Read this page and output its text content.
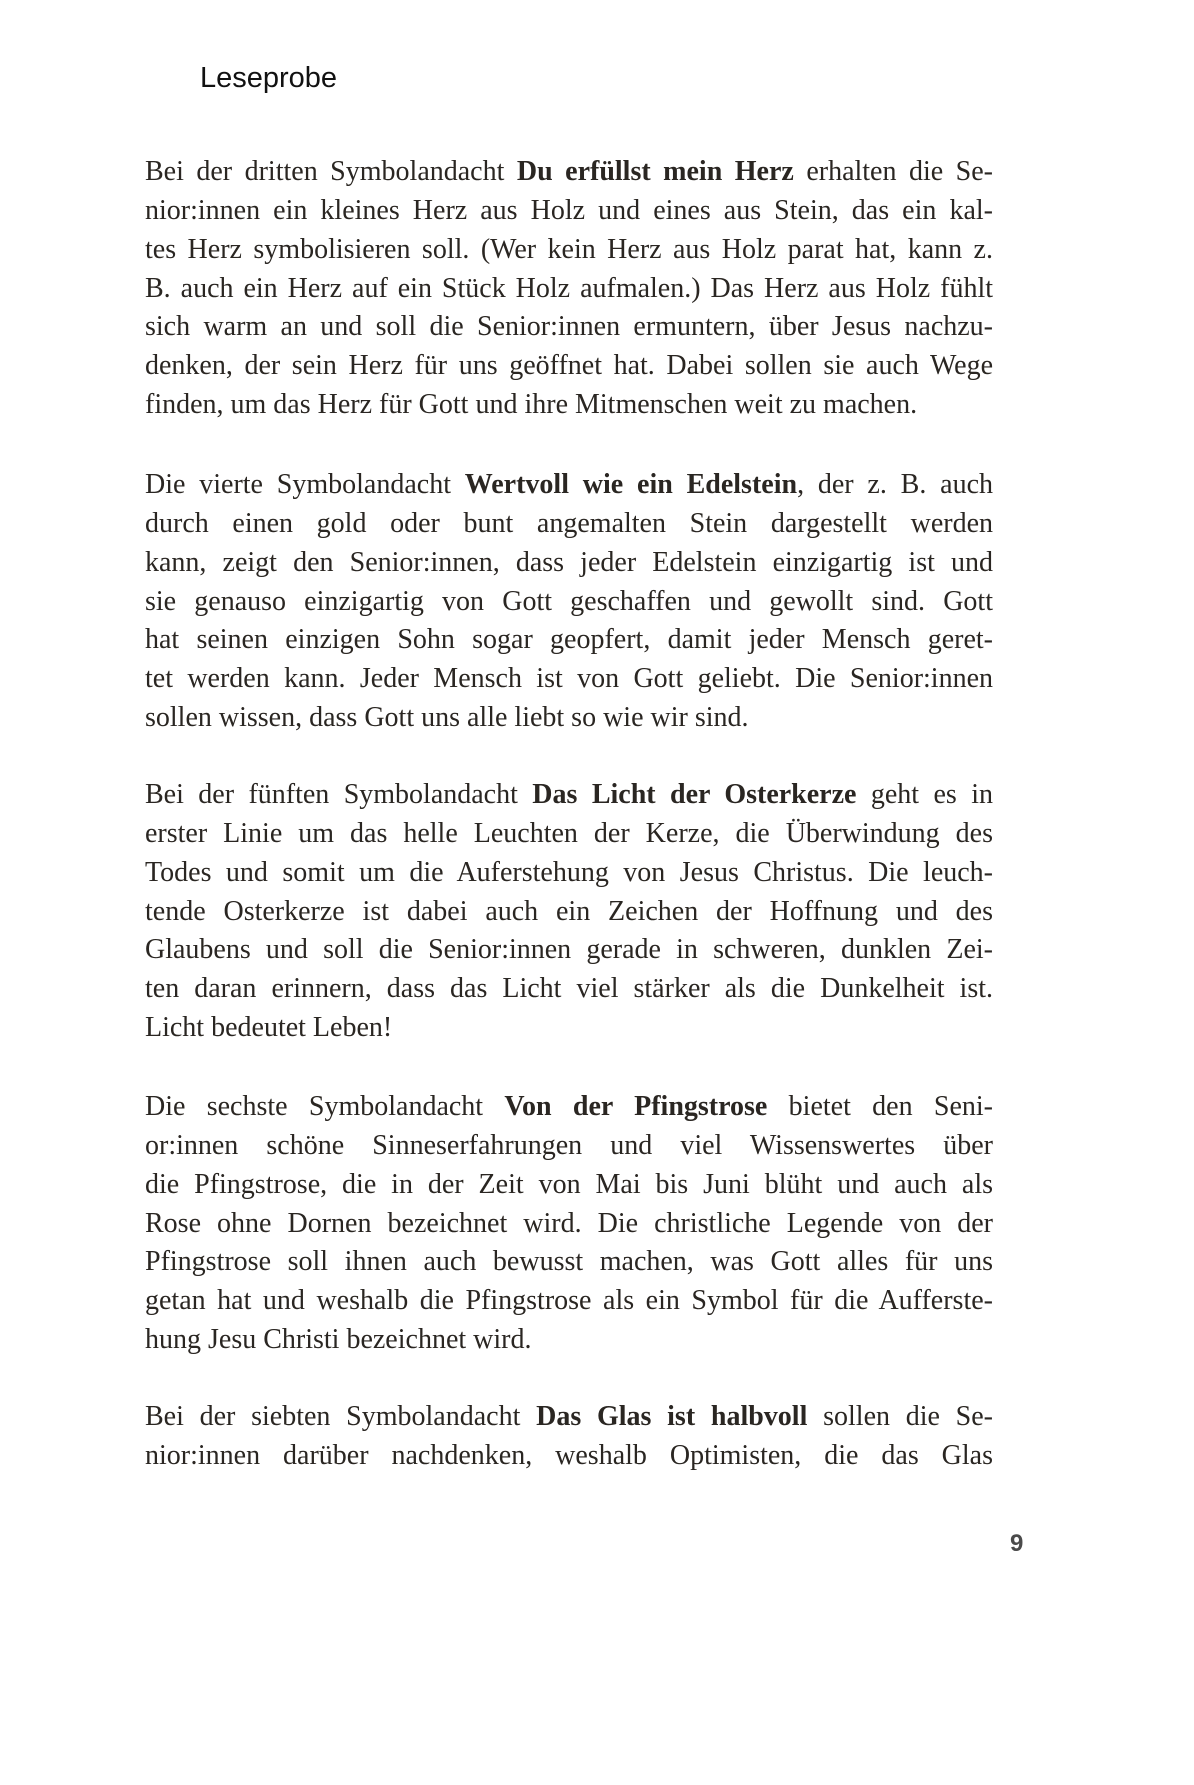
Leseprobe
Bei der dritten Symbolandacht Du erfüllst mein Herz erhalten die Se-
nior:innen ein kleines Herz aus Holz und eines aus Stein, das ein kal-
tes Herz symbolisieren soll. (Wer kein Herz aus Holz parat hat, kann z.
B. auch ein Herz auf ein Stück Holz aufmalen.) Das Herz aus Holz fühlt
sich warm an und soll die Senior:innen ermuntern, über Jesus nachzu-
denken, der sein Herz für uns geöffnet hat. Dabei sollen sie auch Wege
finden, um das Herz für Gott und ihre Mitmenschen weit zu machen.
Die vierte Symbolandacht Wertvoll wie ein Edelstein, der z. B. auch
durch einen gold oder bunt angemalten Stein dargestellt werden
kann, zeigt den Senior:innen, dass jeder Edelstein einzigartig ist und
sie genauso einzigartig von Gott geschaffen und gewollt sind. Gott
hat seinen einzigen Sohn sogar geopfert, damit jeder Mensch geret-
tet werden kann. Jeder Mensch ist von Gott geliebt. Die Senior:innen
sollen wissen, dass Gott uns alle liebt so wie wir sind.
Bei der fünften Symbolandacht Das Licht der Osterkerze geht es in
erster Linie um das helle Leuchten der Kerze, die Überwindung des
Todes und somit um die Auferstehung von Jesus Christus. Die leuch-
tende Osterkerze ist dabei auch ein Zeichen der Hoffnung und des
Glaubens und soll die Senior:innen gerade in schweren, dunklen Zei-
ten daran erinnern, dass das Licht viel stärker als die Dunkelheit ist.
Licht bedeutet Leben!
Die sechste Symbolandacht Von der Pfingstrose bietet den Seni-
or:innen schöne Sinneserfahrungen und viel Wissenswertes über
die Pfingstrose, die in der Zeit von Mai bis Juni blüht und auch als
Rose ohne Dornen bezeichnet wird. Die christliche Legende von der
Pfingstrose soll ihnen auch bewusst machen, was Gott alles für uns
getan hat und weshalb die Pfingstrose als ein Symbol für die Aufferste-
hung Jesu Christi bezeichnet wird.
Bei der siebten Symbolandacht Das Glas ist halbvoll sollen die Se-
nior:innen darüber nachdenken, weshalb Optimisten, die das Glas
9
